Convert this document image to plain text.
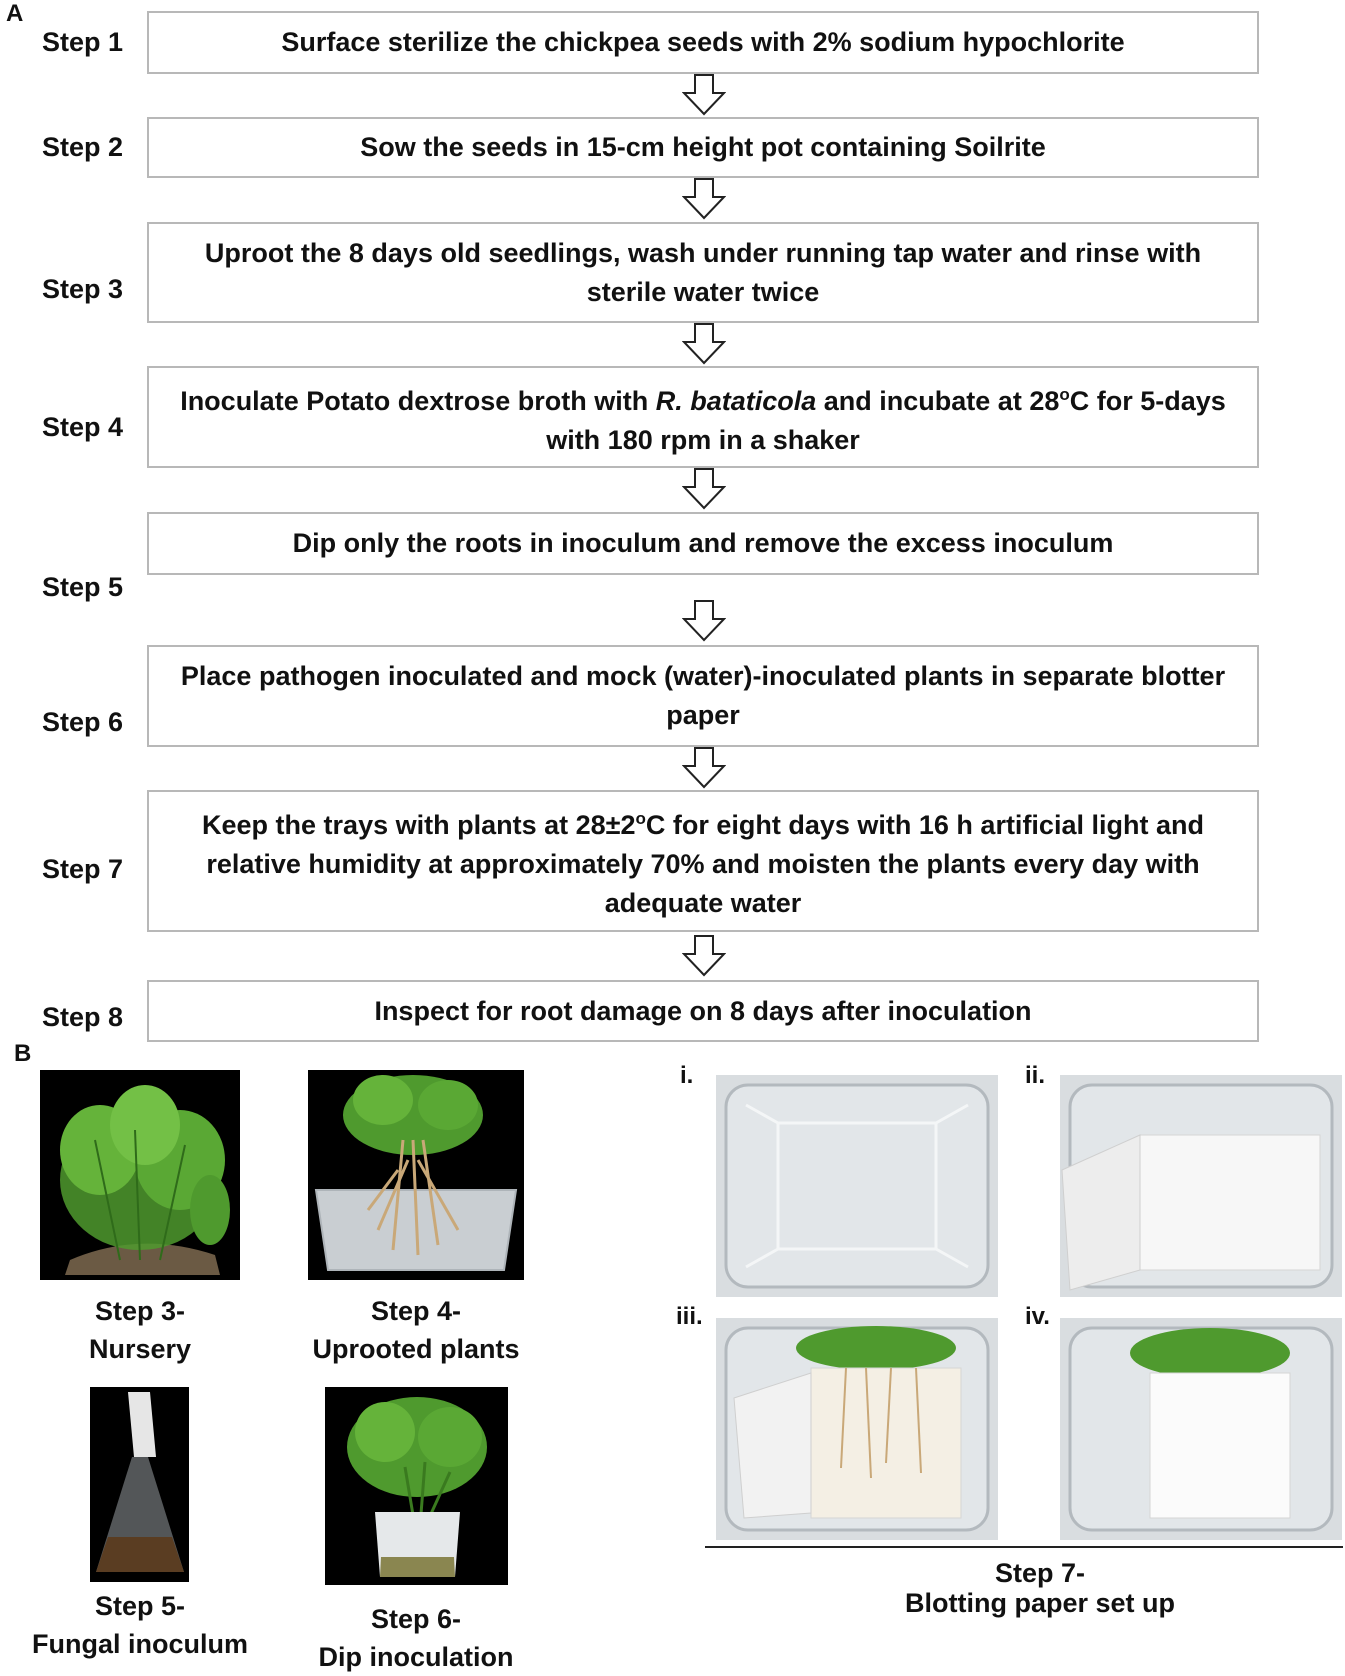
A
Step 1
Step 2
Step 3
Step 4
Step 5
Step 6
Step 7
Step 8
Surface sterilize the chickpea seeds with 2% sodium hypochlorite
Sow the seeds in 15-cm height pot containing Soilrite
Uproot the 8 days old seedlings, wash under running tap water and rinse with sterile water twice
Inoculate Potato dextrose broth with R. bataticola and incubate at 28$^o$C for 5-days with 180 rpm in a shaker
Dip only the roots in inoculum and remove the excess inoculum
Place pathogen inoculated and mock (water)-inoculated plants in separate blotter paper
Keep the trays with plants at $28\pm 2^oC$ for eight days with 16 h artificial light and relative humidity at approximately 70% and moisten the plants every day with adequate water
Inspect for root damage on 8 days after inoculation
B
Step 3-
Nursery
Step 4-
Uprooted plants
Step 5-
Fungal inoculum
Step 6-
Dip inoculation
i.	ii.
iii.	iv.
Step 7-
Blotting paper set up
